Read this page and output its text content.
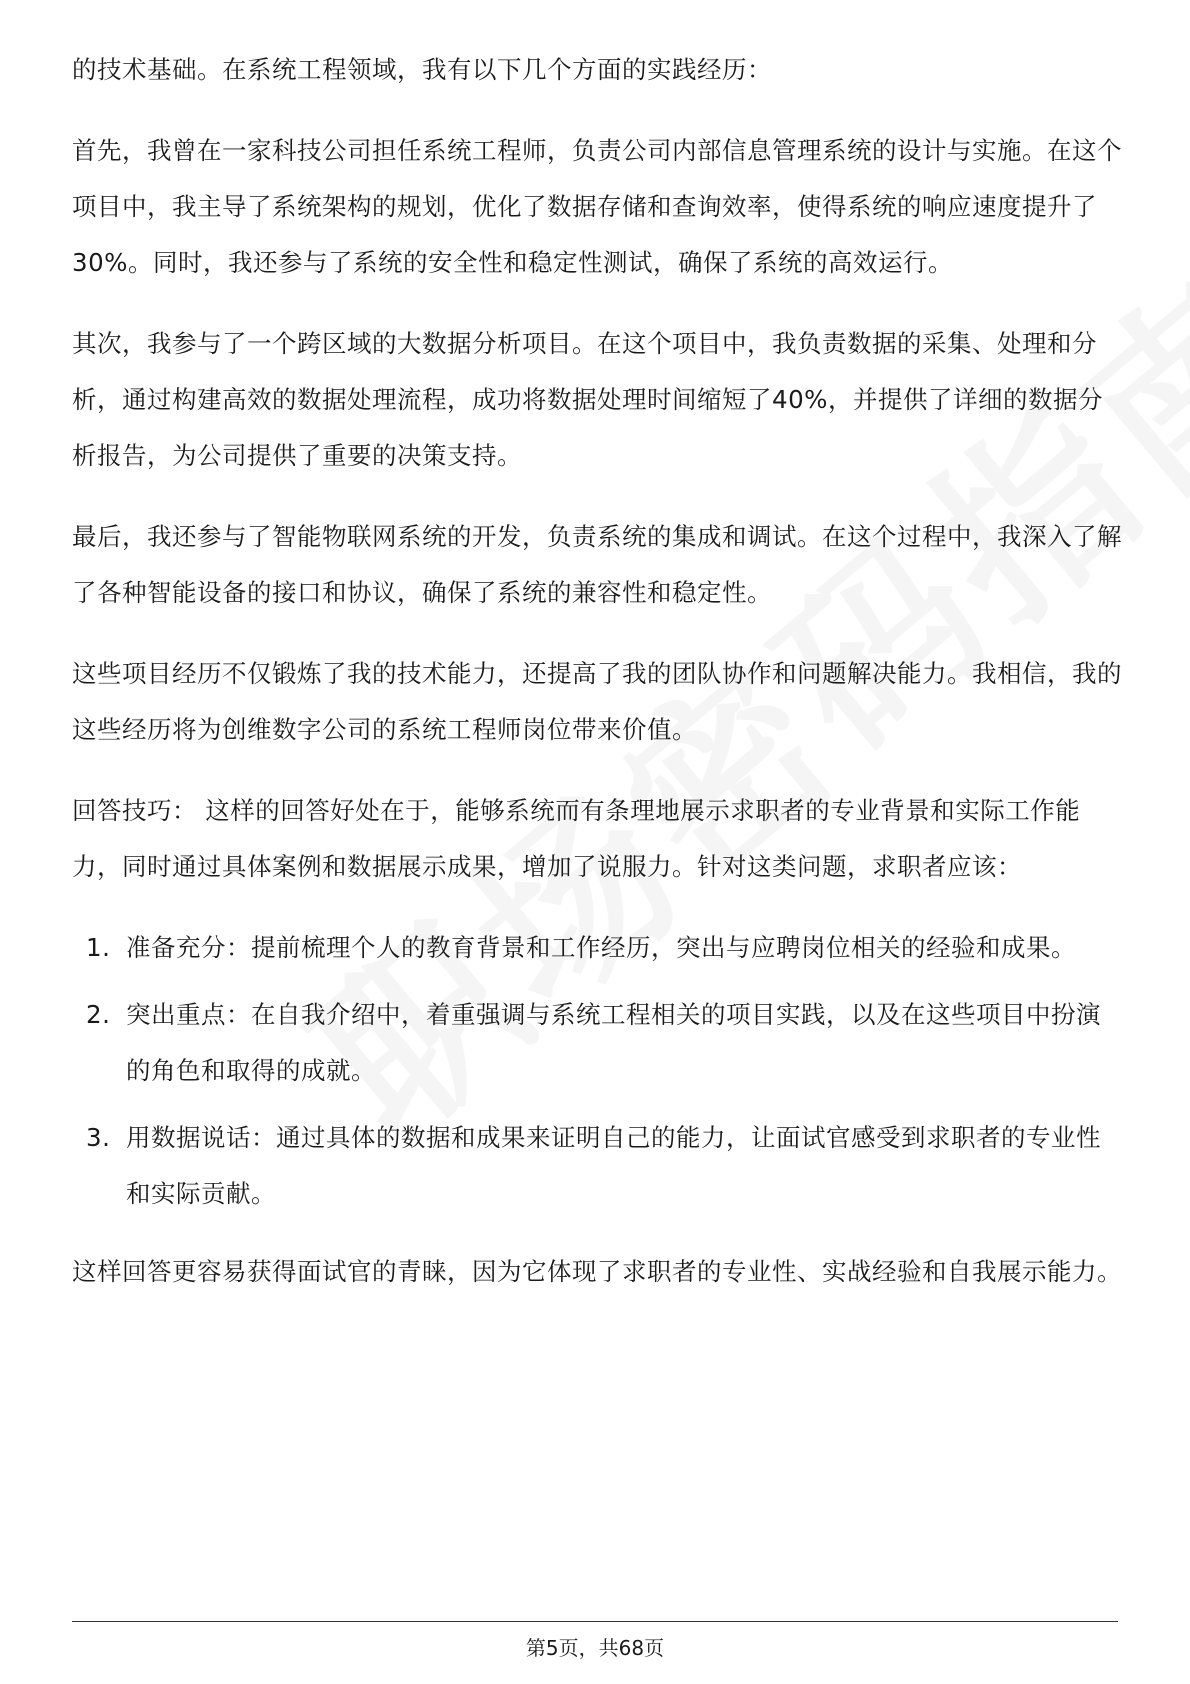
的技术基础。在系统工程领域，我有以下几个方面的实践经历：

首先，我曾在一家科技公司担任系统工程师，负责公司内部信息管理系统的设计与实施。在这个项目中，我主导了系统架构的规划，优化了数据存储和查询效率，使得系统的响应速度提升了30%。同时，我还参与了系统的安全性和稳定性测试，确保了系统的高效运行。

其次，我参与了一个跨区域的大数据分析项目。在这个项目中，我负责数据的采集、处理和分析，通过构建高效的数据处理流程，成功将数据处理时间缩短了40%，并提供了详细的数据分析报告，为公司提供了重要的决策支持。

最后，我还参与了智能物联网系统的开发，负责系统的集成和调试。在这个过程中，我深入了解了各种智能设备的接口和协议，确保了系统的兼容性和稳定性。

这些项目经历不仅锻炼了我的技术能力，还提高了我的团队协作和问题解决能力。我相信，我的这些经历将为创维数字公司的系统工程师岗位带来价值。

回答技巧： 这样的回答好处在于，能够系统而有条理地展示求职者的专业背景和实际工作能力，同时通过具体案例和数据展示成果，增加了说服力。针对这类问题，求职者应该：

1. 准备充分：提前梳理个人的教育背景和工作经历，突出与应聘岗位相关的经验和成果。
2. 突出重点：在自我介绍中，着重强调与系统工程相关的项目实践，以及在这些项目中扮演的角色和取得的成就。
3. 用数据说话：通过具体的数据和成果来证明自己的能力，让面试官感受到求职者的专业性和实际贡献。

这样回答更容易获得面试官的青睐，因为它体现了求职者的专业性、实战经验和自我展示能力。

第5页，共68页
